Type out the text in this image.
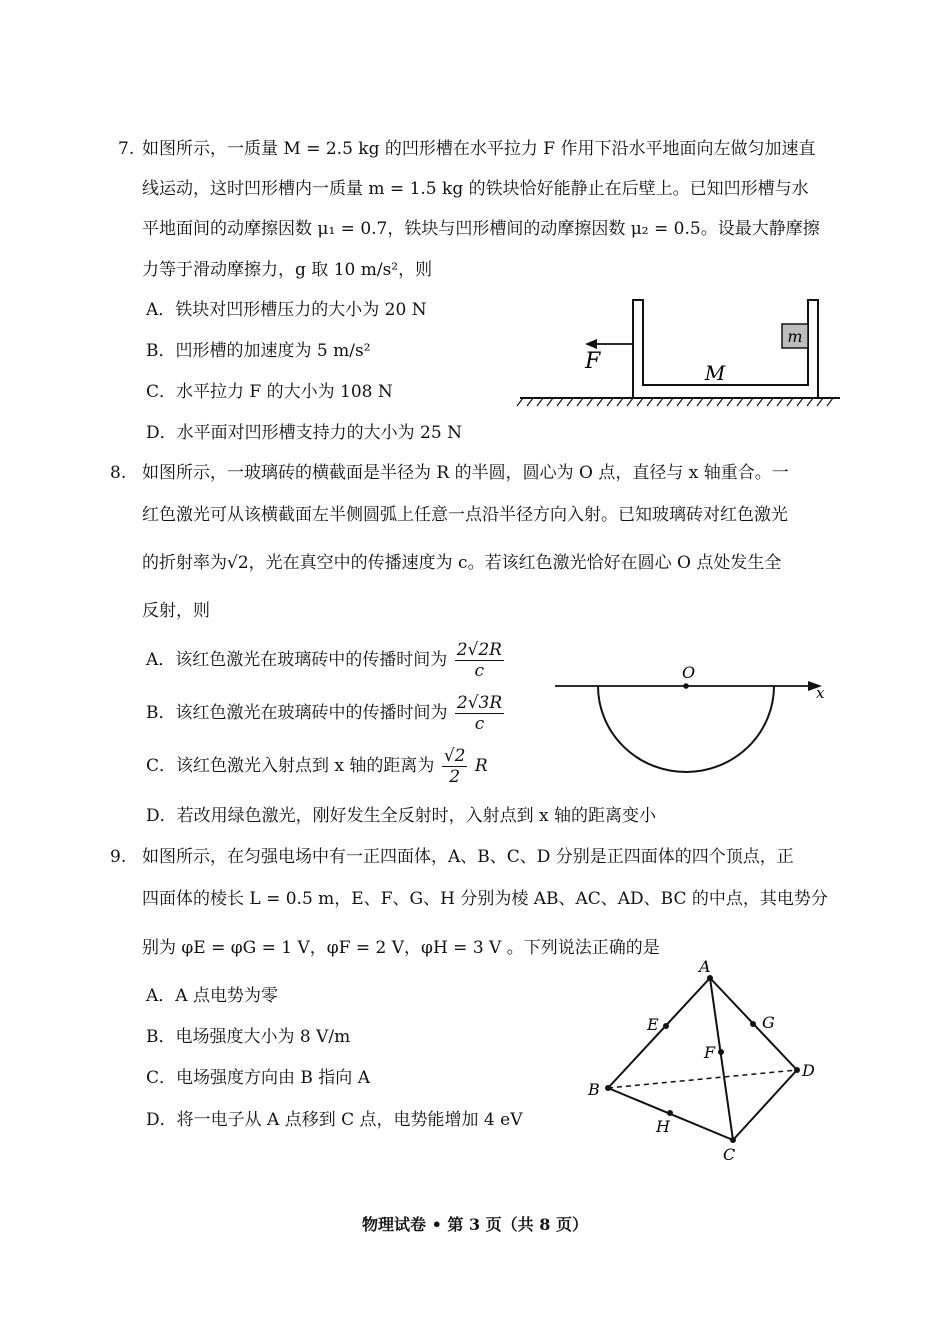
7. 如图所示，一质量 M = 2.5 kg 的凹形槽在水平拉力 F 作用下沿水平地面向左做匀加速直
线运动，这时凹形槽内一质量 m = 1.5 kg 的铁块恰好能静止在后壁上。已知凹形槽与水
平地面间的动摩擦因数 μ₁ = 0.7，铁块与凹形槽间的动摩擦因数 μ₂ = 0.5。设最大静摩擦
力等于滑动摩擦力，g 取 10 m/s²，则
A．铁块对凹形槽压力的大小为 20 N
B．凹形槽的加速度为 5 m/s²
C．水平拉力 F 的大小为 108 N
D．水平面对凹形槽支持力的大小为 25 N
m
F	M
8. 如图所示，一玻璃砖的横截面是半径为 R 的半圆，圆心为 O 点，直径与 x 轴重合。一
红色激光可从该横截面左半侧圆弧上任意一点沿半径方向入射。已知玻璃砖对红色激光
的折射率为√2，光在真空中的传播速度为 c。若该红色激光恰好在圆心 O 点处发生全
反射，则
A．该红色激光在玻璃砖中的传播时间为 $\frac{2√2R}{c}$
B．该红色激光在玻璃砖中的传播时间为 $\frac{2√3R}{c}$
C．该红色激光入射点到 x 轴的距离为 $\frac{√2}{2}$ R
D．若改用绿色激光，刚好发生全反射时，入射点到 x 轴的距离变小
x
O
9. 如图所示，在匀强电场中有一正四面体，A、B、C、D 分别是正四面体的四个顶点，正
四面体的棱长 L = 0.5 m，E、F、G、H 分别为棱 AB、AC、AD、BC 的中点，其电势分
别为 φE = φG = 1 V，φF = 2 V，φH = 3 V 。下列说法正确的是
A．A 点电势为零
B．电场强度大小为 8 V/m
C．电场强度方向由 B 指向 A
D．将一电子从 A 点移到 C 点，电势能增加 4 eV
A
B
C
D
E
F
G
H
物理试卷 • 第 3 页（共 8 页）
